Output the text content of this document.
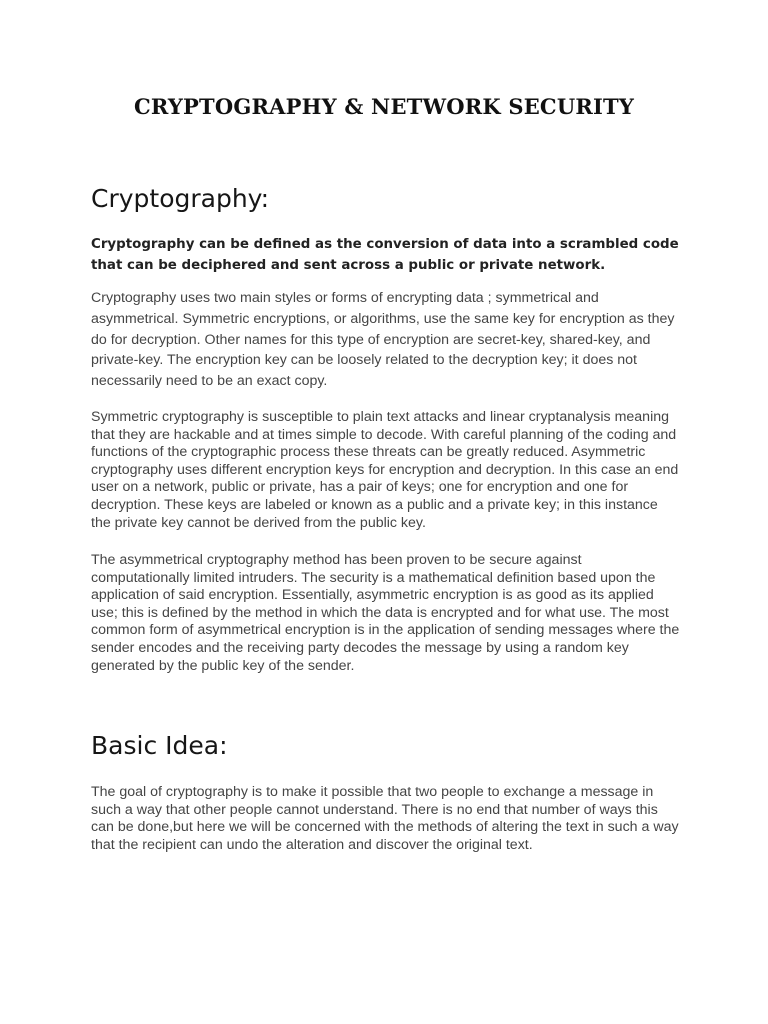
CRYPTOGRAPHY & NETWORK SECURITY
Cryptography:

Cryptography can be defined as the conversion of data into a scrambled code that can be deciphered and sent across a public or private network.

Cryptography uses two main styles or forms of encrypting data ; symmetrical and asymmetrical. Symmetric encryptions, or algorithms, use the same key for encryption as they do for decryption. Other names for this type of encryption are secret-key, shared-key, and private-key. The encryption key can be loosely related to the decryption key; it does not necessarily need to be an exact copy.

Symmetric cryptography is susceptible to plain text attacks and linear cryptanalysis meaning that they are hackable and at times simple to decode. With careful planning of the coding and functions of the cryptographic process these threats can be greatly reduced. Asymmetric cryptography uses different encryption keys for encryption and decryption. In this case an end user on a network, public or private, has a pair of keys; one for encryption and one for decryption. These keys are labeled or known as a public and a private key; in this instance the private key cannot be derived from the public key.

The asymmetrical cryptography method has been proven to be secure against computationally limited intruders. The security is a mathematical definition based upon the application of said encryption. Essentially, asymmetric encryption is as good as its applied use; this is defined by the method in which the data is encrypted and for what use. The most common form of asymmetrical encryption is in the application of sending messages where the sender encodes and the receiving party decodes the message by using a random key generated by the public key of the sender.

Basic Idea:

The goal of cryptography is to make it possible that two people to exchange a message in such a way that other people cannot understand. There is no end that number of ways this can be done,but here we will be concerned with the methods of altering the text in such a way that the recipient can undo the alteration and discover the original text.
